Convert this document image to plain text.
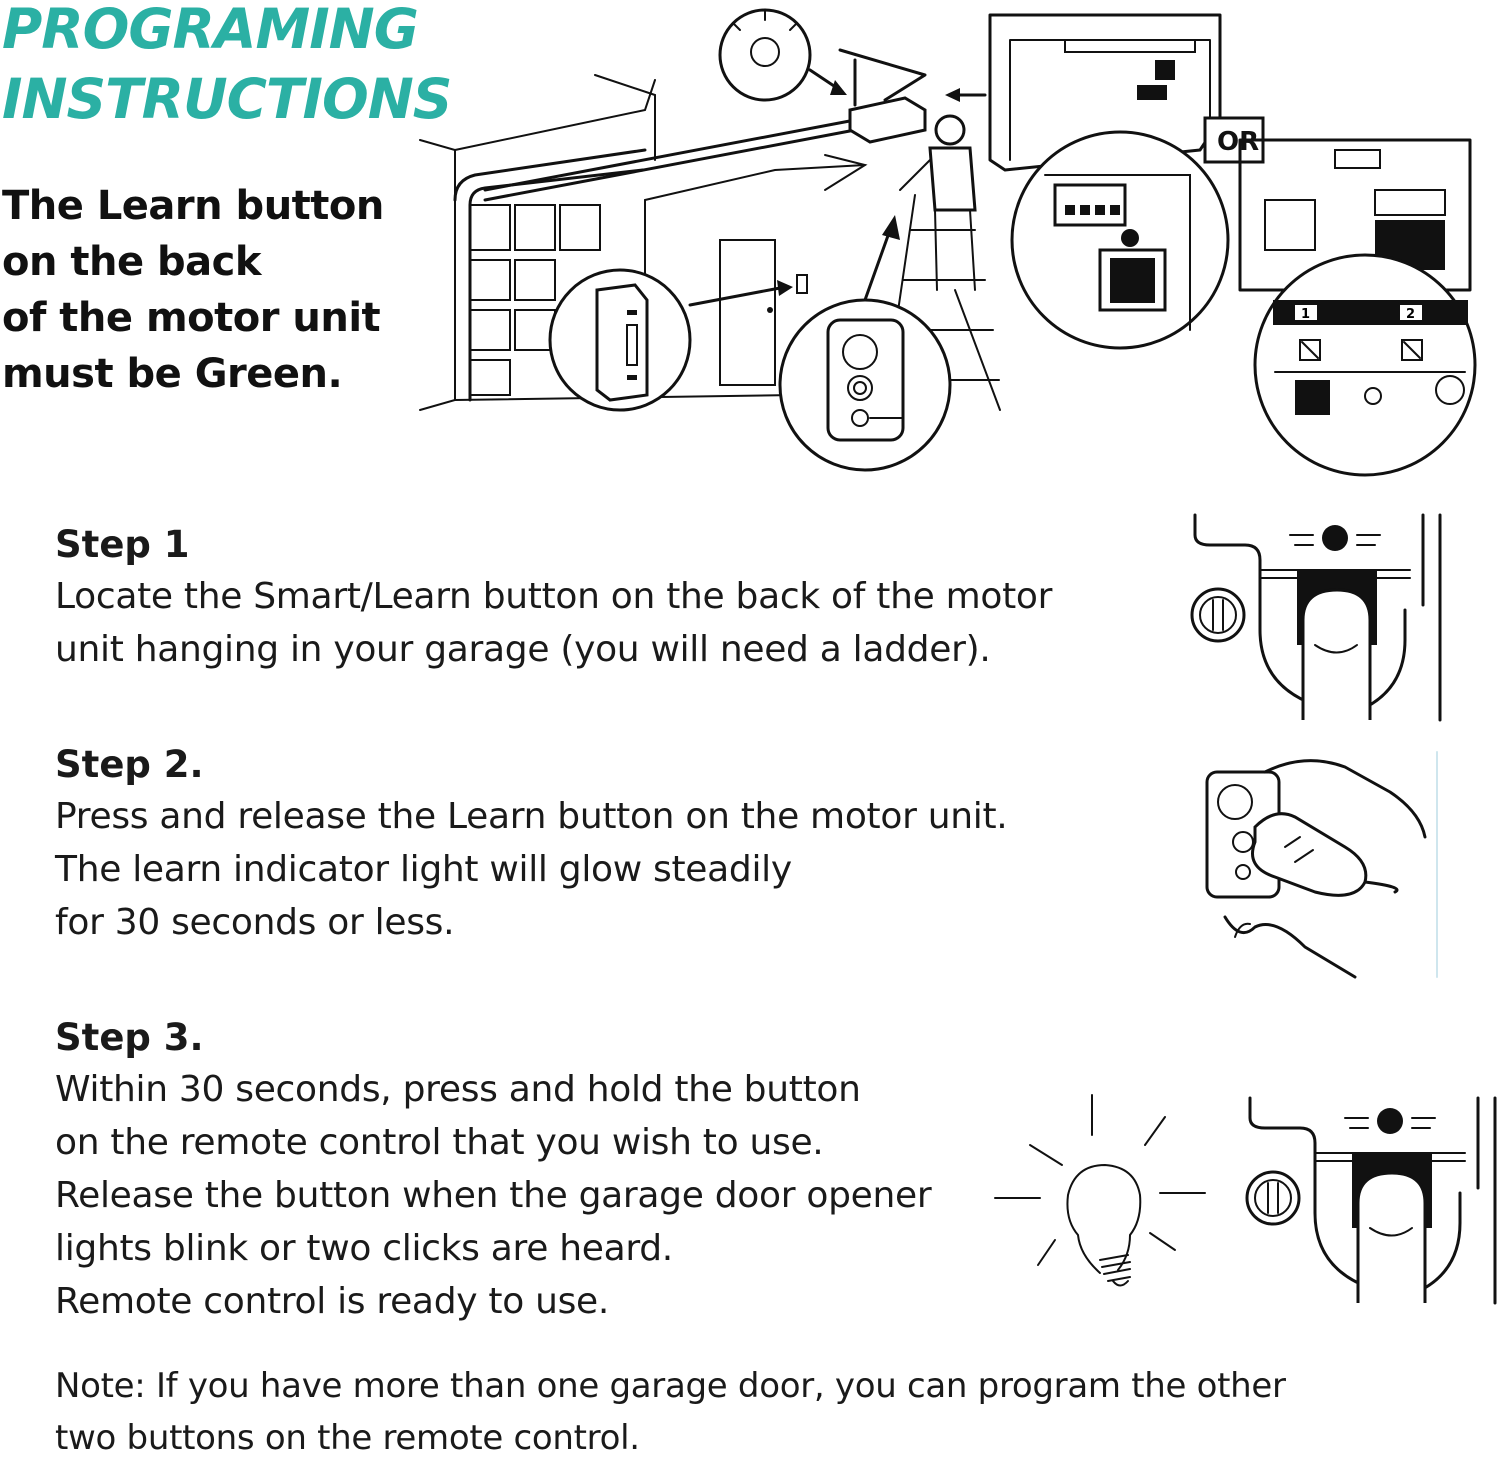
PROGRAMING
INSTRUCTIONS

The Learn button
on the back
of the motor unit
must be Green.

OR
1	2
Step 1

Locate the Smart/Learn button on the back of the motor
unit hanging in your garage (you will need a ladder).

Step 2.

Press and release the Learn button on the motor unit.
The learn indicator light will glow steadily
for 30 seconds or less.

Step 3.

Within 30 seconds, press and hold the button
on the remote control that you wish to use.
Release the button when the garage door opener
lights blink or two clicks are heard.
Remote control is ready to use.

Note: If you have more than one garage door, you can program the other
two buttons on the remote control.
